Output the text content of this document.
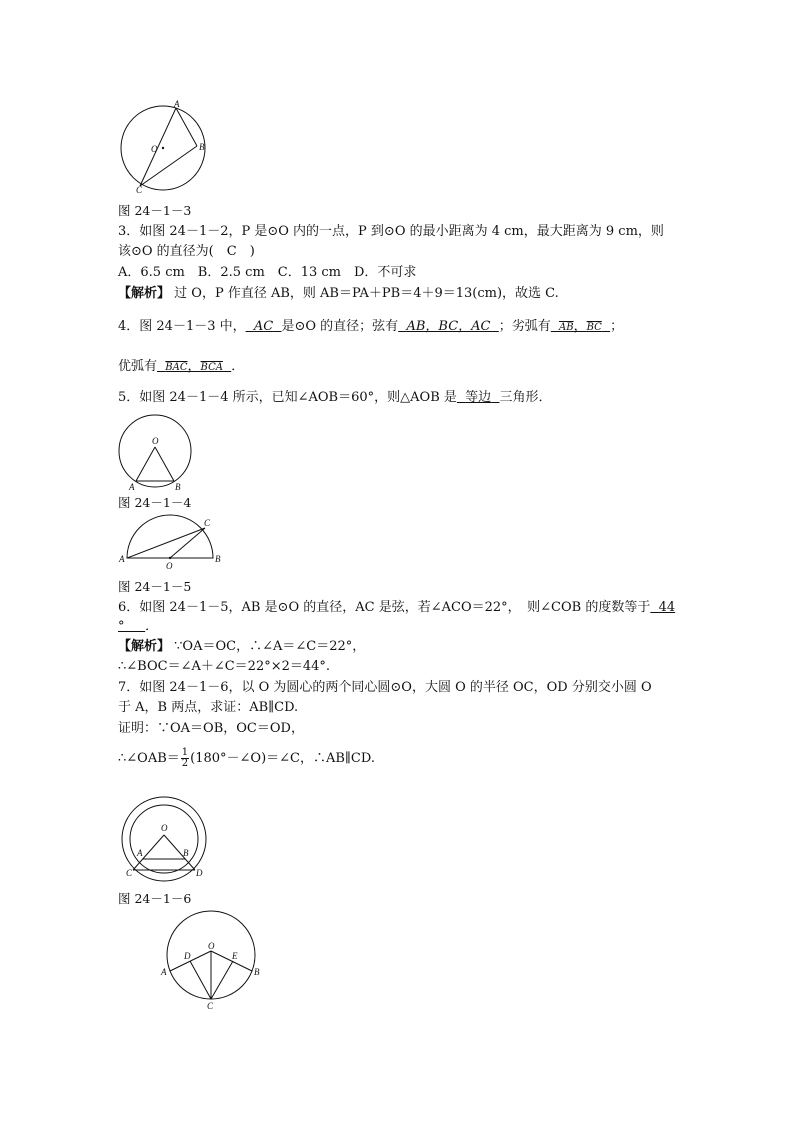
A
B
C
O
图 24－1－3
3．如图 24－1－2，P 是⊙O 内的一点，P 到⊙O 的最小距离为 4 cm，最大距离为 9 cm，则
该⊙O 的直径为(　C　)
A．6.5 cm　B．2.5 cm　C．13 cm　D．不可求
【解析】 过 O，P 作直径 AB，则 AB＝PA＋PB＝4＋9＝13(cm)，故选 C.
4．图 24－1－3 中， AC 是⊙O 的直径；弦有 AB，BC，AC ；劣弧有 AB，BC ；
优弧有 BAC，BCA ．
5．如图 24－1－4 所示，已知∠AOB＝60°，则△AOB 是 等边 三角形．
O
A	B
图 24－1－4
A	B
C
O
图 24－1－5
6．如图 24－1－5，AB 是⊙O 的直径，AC 是弦，若∠ACO＝22°，　则∠COB 的度数等于 44
° ．
【解析】 ∵OA＝OC，∴∠A＝∠C＝22°，
∴∠BOC＝∠A＋∠C＝22°×2＝44°.
7．如图 24－1－6，以 O 为圆心的两个同心圆⊙O，大圆 O 的半径 OC，OD 分别交小圆 O
于 A，B 两点，求证：AB∥CD.
证明：∵OA＝OB，OC＝OD，
∴∠OAB＝ $\frac{1}{2}$ (180°－∠O)＝∠C，∴AB∥CD.
O
A	B
C	D
图 24－1－6
O
D	E
A	B
C
